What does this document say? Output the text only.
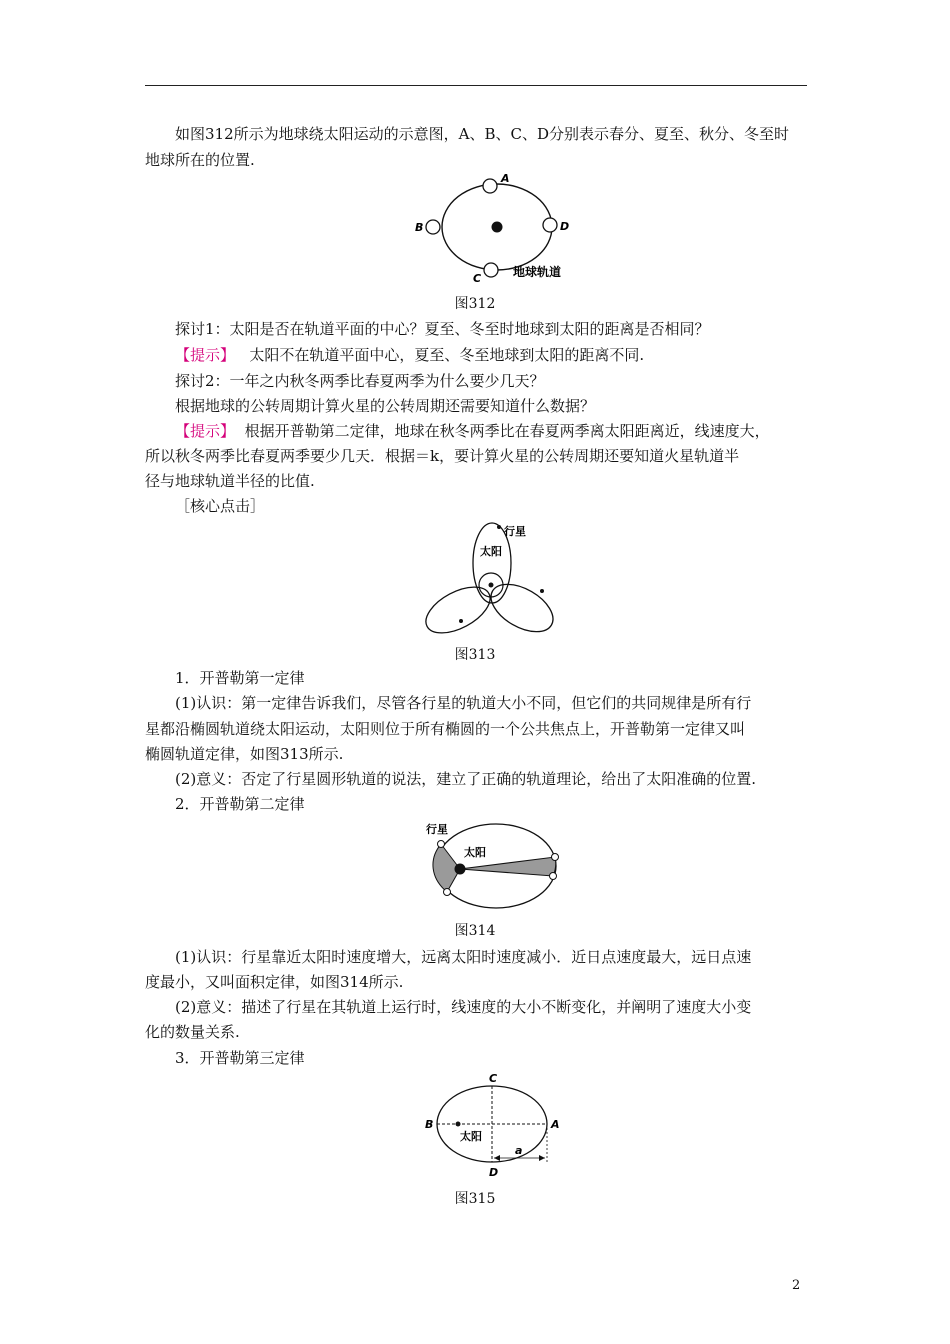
如图312所示为地球绕太阳运动的示意图，A、B、C、D分别表示春分、夏至、秋分、冬至时
地球所在的位置.
A
B	D
C	地球轨道
图312
探讨1：太阳是否在轨道平面的中心？夏至、冬至时地球到太阳的距离是否相同？
【提示】 太阳不在轨道平面中心，夏至、冬至地球到太阳的距离不同.
探讨2：一年之内秋冬两季比春夏两季为什么要少几天？
根据地球的公转周期计算火星的公转周期还需要知道什么数据？
【提示】 根据开普勒第二定律，地球在秋冬两季比在春夏两季离太阳距离近，线速度大，
所以秋冬两季比春夏两季要少几天．根据＝k，要计算火星的公转周期还要知道火星轨道半
径与地球轨道半径的比值.
［核心点击］
行星
太阳
图313
1．开普勒第一定律
(1)认识：第一定律告诉我们，尽管各行星的轨道大小不同，但它们的共同规律是所有行
星都沿椭圆轨道绕太阳运动，太阳则位于所有椭圆的一个公共焦点上，开普勒第一定律又叫
椭圆轨道定律，如图313所示.
(2)意义：否定了行星圆形轨道的说法，建立了正确的轨道理论，给出了太阳准确的位置.
2．开普勒第二定律
行星
太阳
图314
(1)认识：行星靠近太阳时速度增大，远离太阳时速度减小．近日点速度最大，远日点速
度最小，又叫面积定律，如图314所示.
(2)意义：描述了行星在其轨道上运行时，线速度的大小不断变化，并阐明了速度大小变
化的数量关系.
3．开普勒第三定律
C
B	A
D
太阳
a
图315
2
